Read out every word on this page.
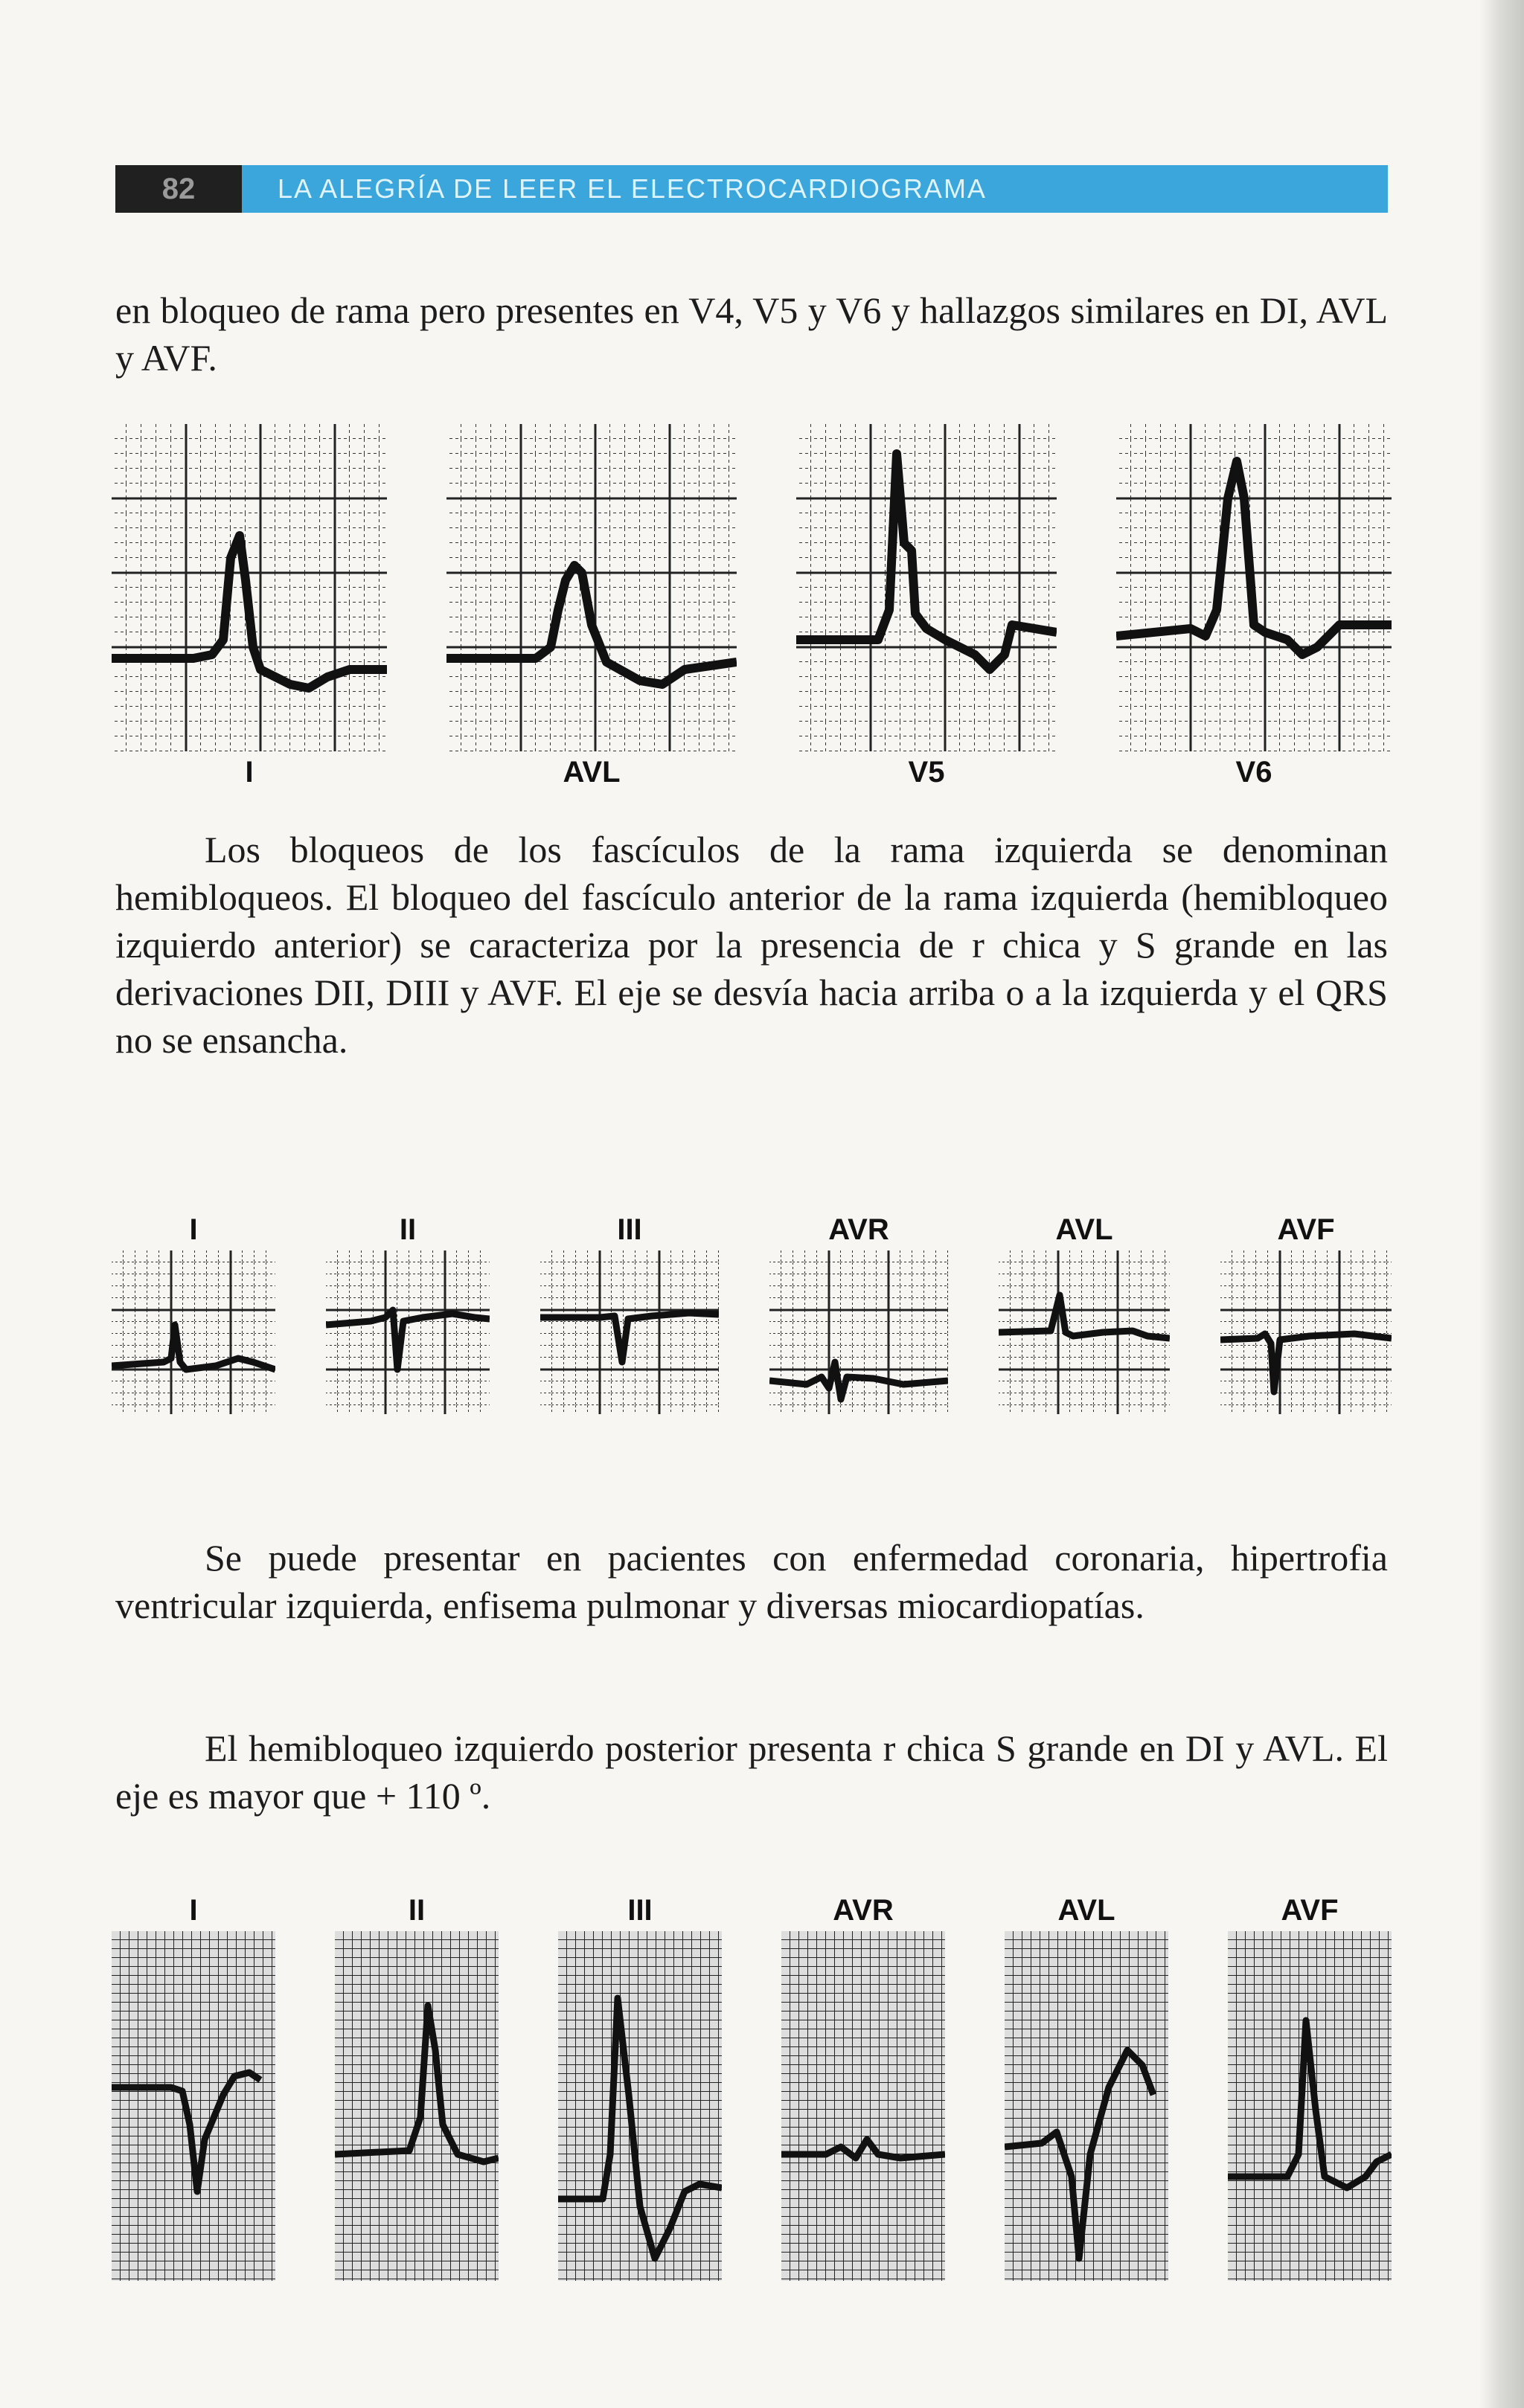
82	LA ALEGRÍA DE LEER EL ELECTROCARDIOGRAMA

en bloqueo de rama pero presentes en V4, V5 y V6 y hallazgos similares en DI, AVL y AVF.

I	AVL	V5	V6

Los bloqueos de los fascículos de la rama izquierda se denominan hemibloqueos. El bloqueo del fascículo anterior de la rama izquierda (hemibloqueo izquierdo anterior) se caracteriza por la presencia de r chica y S grande en las derivaciones DII, DIII y AVF. El eje se desvía hacia arriba o a la izquierda y el QRS no se ensancha.

I	II	III	AVR	AVL	AVF

Se puede presentar en pacientes con enfermedad coronaria, hipertrofia ventricular izquierda, enfisema pulmonar y diversas miocardiopatías.

El hemibloqueo izquierdo posterior presenta r chica S grande en DI y AVL. El eje es mayor que + 110 º.

I	II	III	AVR	AVL	AVF
